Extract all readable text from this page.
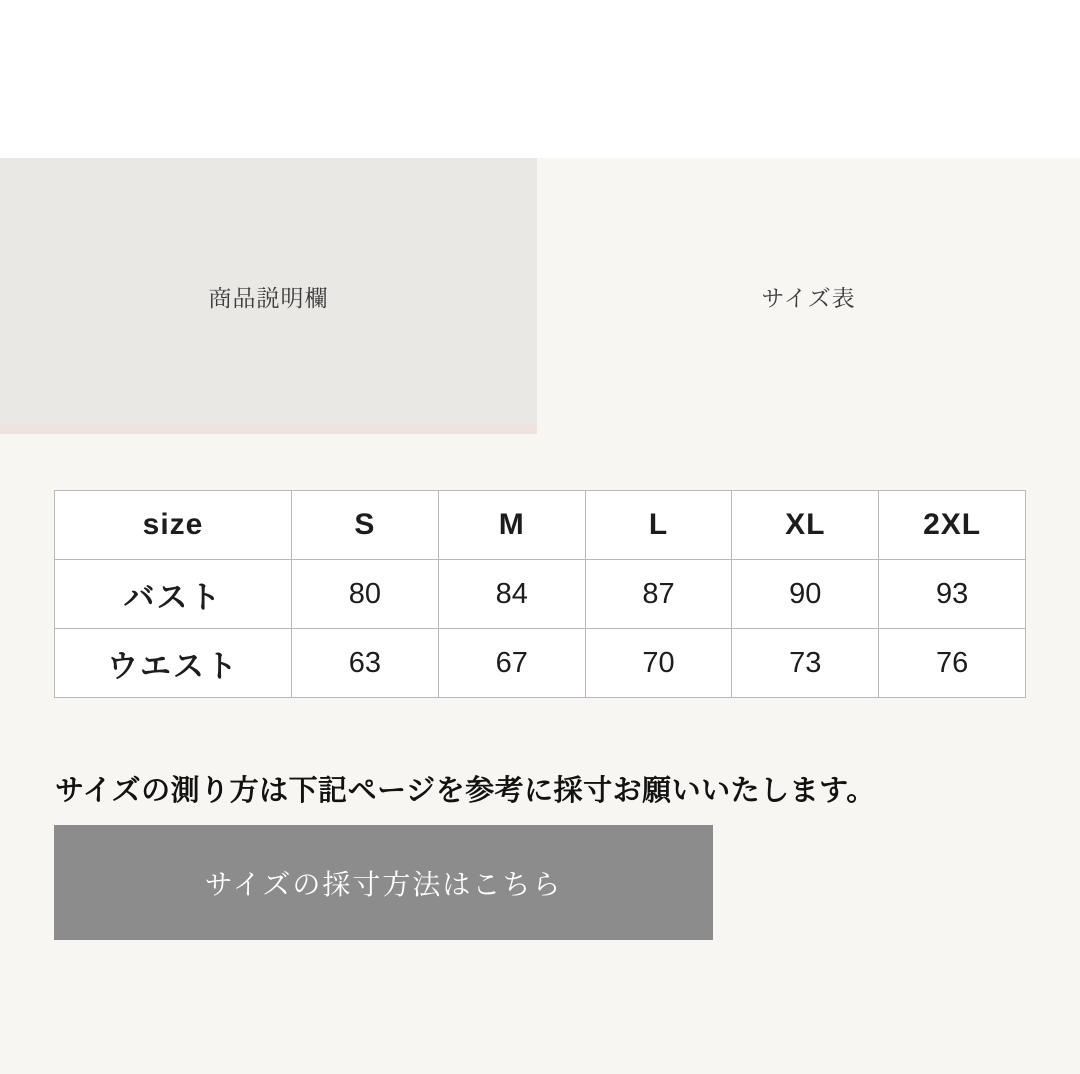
商品説明欄	サイズ表
size	S	M	L	XL	2XL
バスト	80	84	87	90	93
ウエスト	63	67	70	73	76
サイズの測り方は下記ページを参考に採寸お願いいたします。
サイズの採寸方法はこちら
